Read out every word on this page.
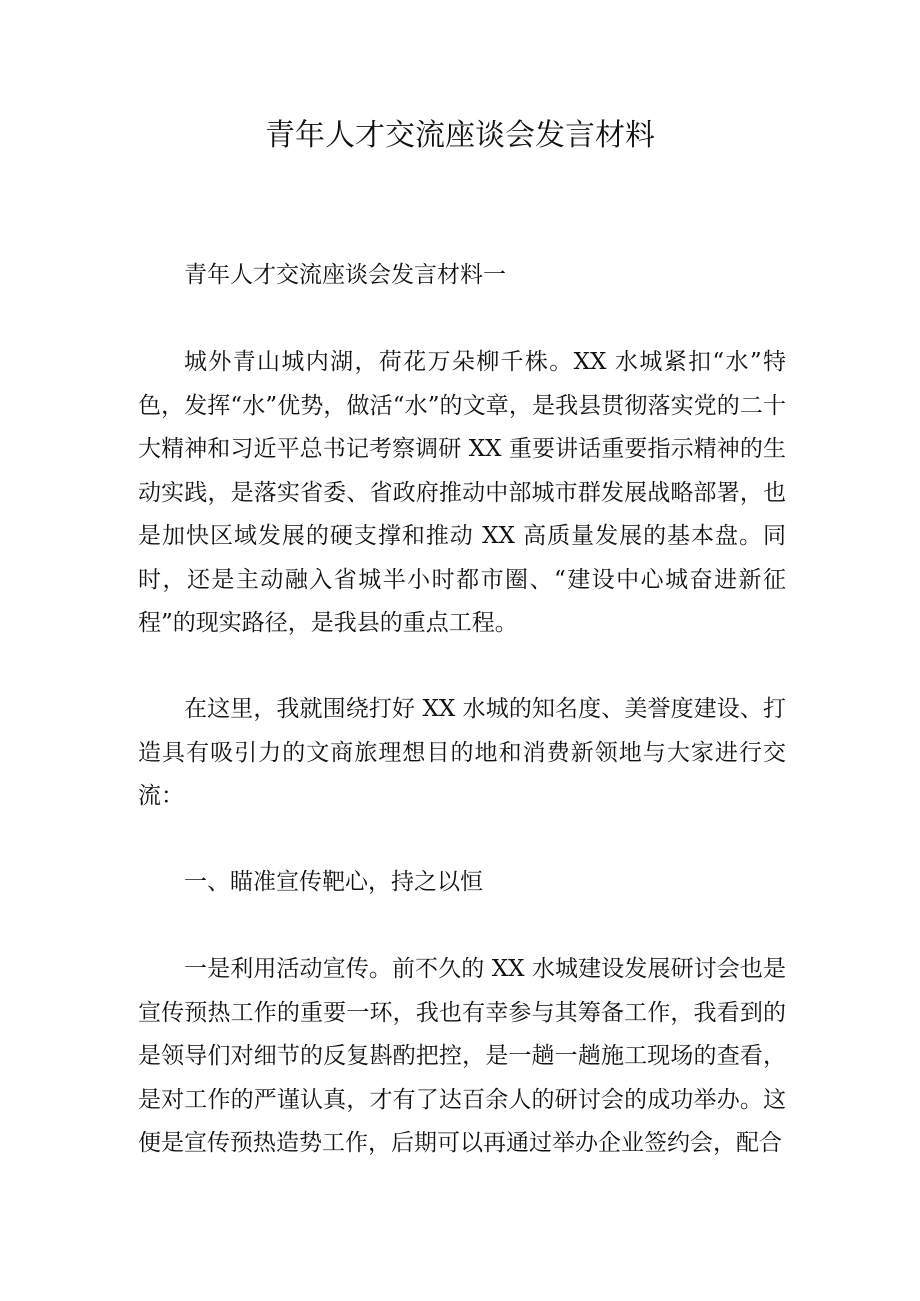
青年人才交流座谈会发言材料

青年人才交流座谈会发言材料一

城外青山城内湖，荷花万朵柳千株。XX 水城紧扣“水”特色，发挥“水”优势，做活“水”的文章，是我县贯彻落实党的二十大精神和习近平总书记考察调研 XX 重要讲话重要指示精神的生动实践，是落实省委、省政府推动中部城市群发展战略部署，也是加快区域发展的硬支撑和推动 XX 高质量发展的基本盘。同时，还是主动融入省城半小时都市圈、“建设中心城奋进新征程”的现实路径，是我县的重点工程。

在这里，我就围绕打好 XX 水城的知名度、美誉度建设、打造具有吸引力的文商旅理想目的地和消费新领地与大家进行交流：

一、瞄准宣传靶心，持之以恒

一是利用活动宣传。前不久的 XX 水城建设发展研讨会也是宣传预热工作的重要一环，我也有幸参与其筹备工作，我看到的是领导们对细节的反复斟酌把控，是一趟一趟施工现场的查看，是对工作的严谨认真，才有了达百余人的研讨会的成功举办。这便是宣传预热造势工作，后期可以再通过举办企业签约会，配合
